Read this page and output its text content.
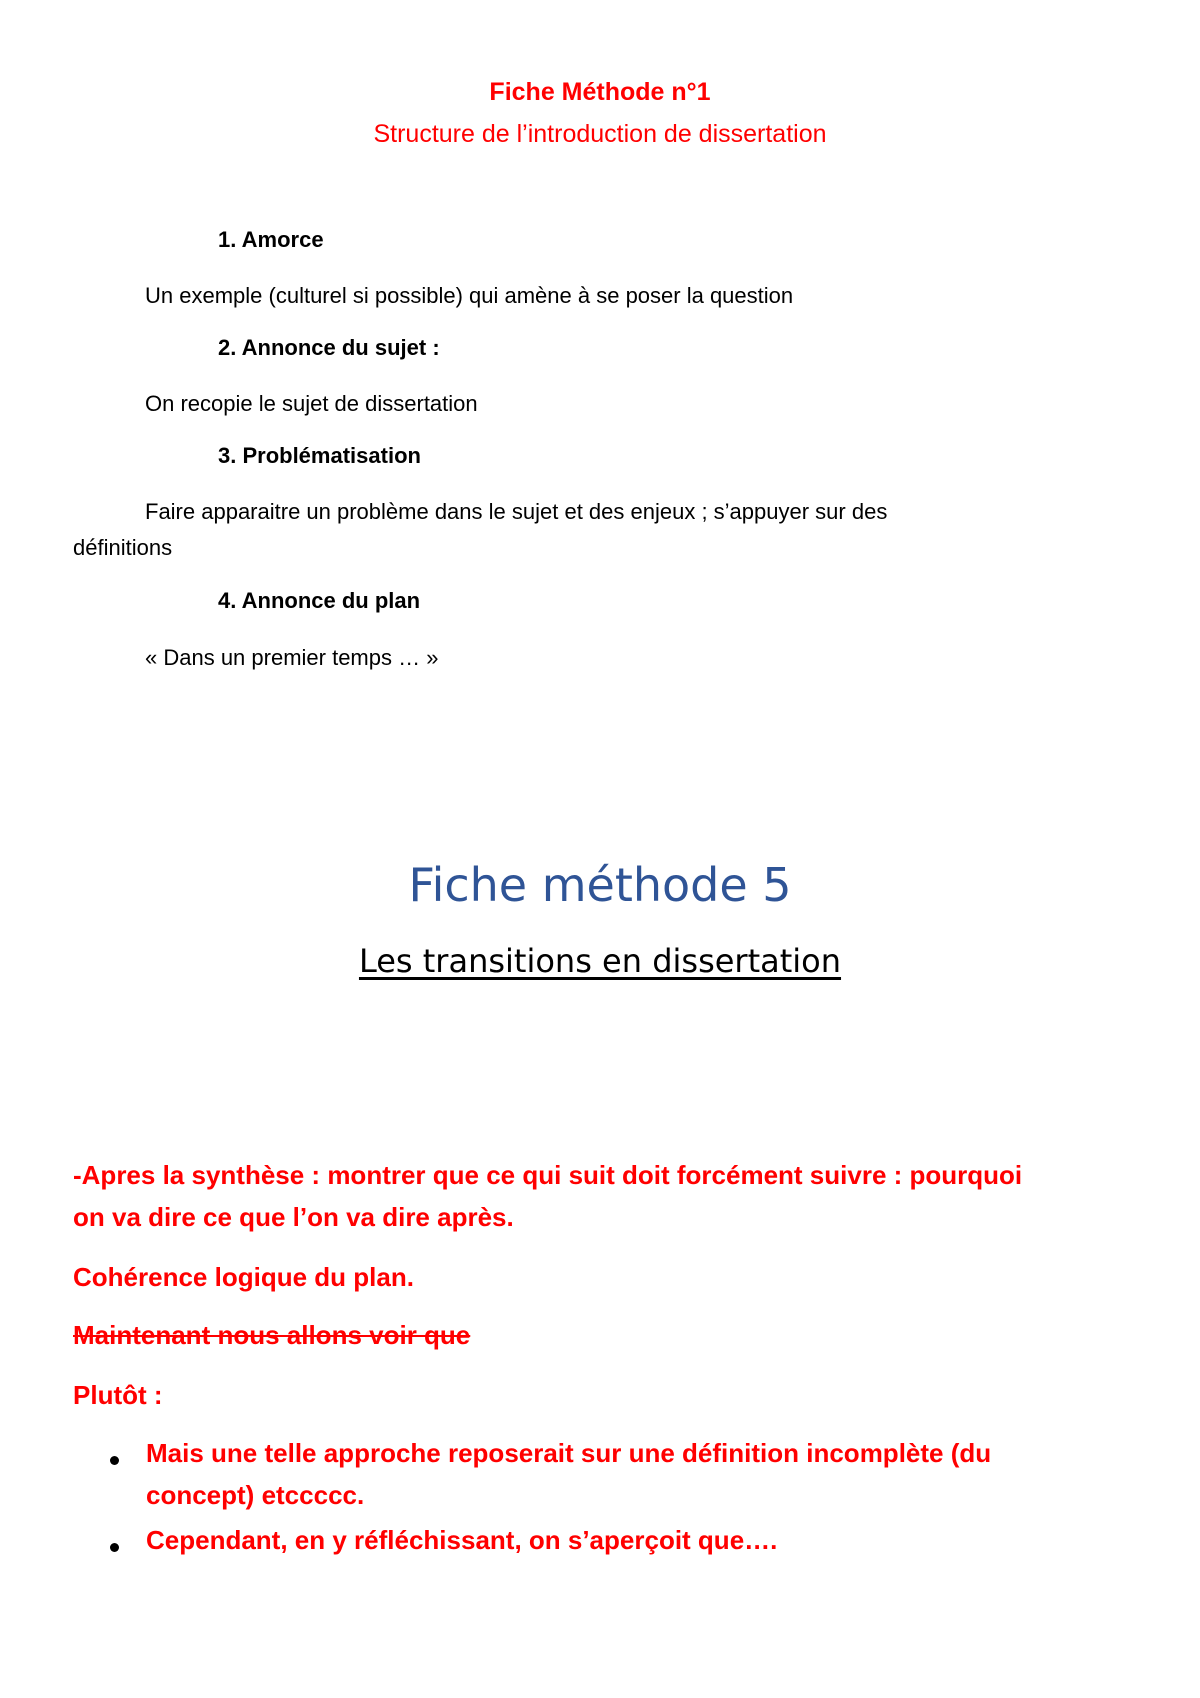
Fiche Méthode n°1
Structure de l’introduction de dissertation
1. Amorce
Un exemple (culturel si possible) qui amène à se poser la question
2. Annonce du sujet :
On recopie le sujet de dissertation
3. Problématisation
Faire apparaitre un problème dans le sujet et des enjeux ; s’appuyer sur des
définitions
4. Annonce du plan
« Dans un premier temps … »
Fiche méthode 5
Les transitions en dissertation
-Apres la synthèse : montrer que ce qui suit doit forcément suivre : pourquoi
on va dire ce que l’on va dire après.
Cohérence logique du plan.
Maintenant nous allons voir que
Plutôt :
Mais une telle approche reposerait sur une définition incomplète (du
concept) etccccc.
Cependant, en y réfléchissant, on s’aperçoit que….
